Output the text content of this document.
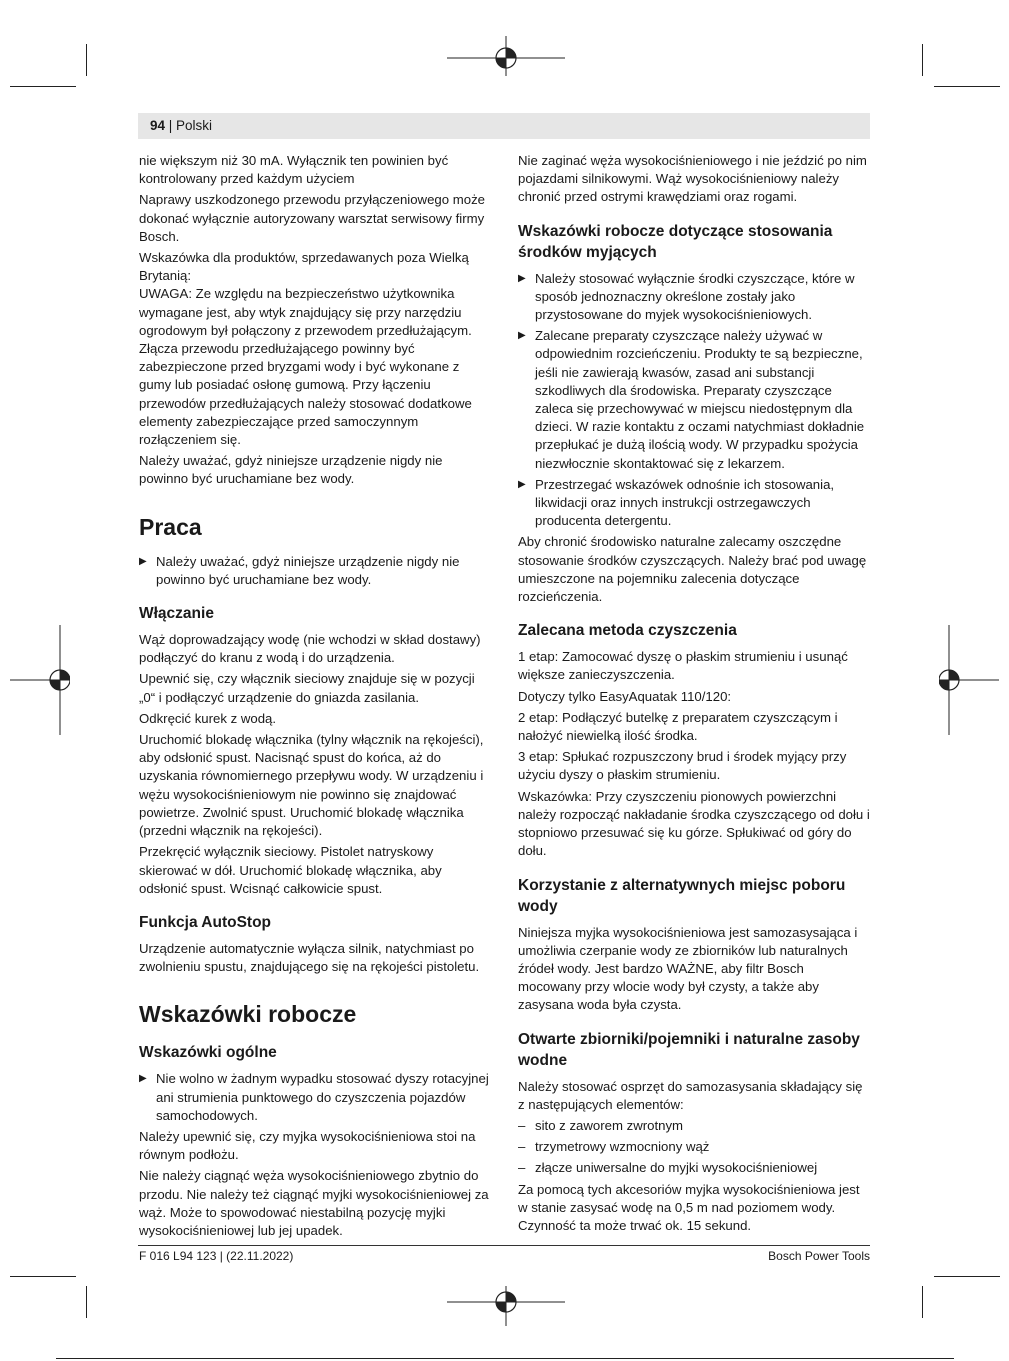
94 | Polski

nie większym niż 30 mA. Wyłącznik ten powinien być kontrolowany przed każdym użyciem

Naprawy uszkodzonego przewodu przyłączeniowego może dokonać wyłącznie autoryzowany warsztat serwisowy firmy Bosch.

Wskazówka dla produktów, sprzedawanych poza Wielką Brytanią:
UWAGA: Ze względu na bezpieczeństwo użytkownika wymagane jest, aby wtyk znajdujący się przy narzędziu ogrodowym był połączony z przewodem przedłużającym. Złącza przewodu przedłużającego powinny być zabezpieczone przed bryzgami wody i być wykonane z gumy lub posiadać osłonę gumową. Przy łączeniu przewodów przedłużających należy stosować dodatkowe elementy zabezpieczające przed samoczynnym rozłączeniem się.

Należy uważać, gdyż niniejsze urządzenie nigdy nie powinno być uruchamiane bez wody.

Praca
▶ Należy uważać, gdyż niniejsze urządzenie nigdy nie powinno być uruchamiane bez wody.
Włączanie

Wąż doprowadzający wodę (nie wchodzi w skład dostawy) podłączyć do kranu z wodą i do urządzenia.

Upewnić się, czy włącznik sieciowy znajduje się w pozycji „0“ i podłączyć urządzenie do gniazda zasilania.

Odkręcić kurek z wodą.

Uruchomić blokadę włącznika (tylny włącznik na rękojeści), aby odsłonić spust. Nacisnąć spust do końca, aż do uzyskania równomiernego przepływu wody. W urządzeniu i wężu wysokociśnieniowym nie powinno się znajdować powietrze. Zwolnić spust. Uruchomić blokadę włącznika (przedni włącznik na rękojeści).

Przekręcić wyłącznik sieciowy. Pistolet natryskowy skierować w dół. Uruchomić blokadę włącznika, aby odsłonić spust. Wcisnąć całkowicie spust.

Funkcja AutoStop

Urządzenie automatycznie wyłącza silnik, natychmiast po zwolnieniu spustu, znajdującego się na rękojeści pistoletu.

Wskazówki robocze
Wskazówki ogólne
▶ Nie wolno w żadnym wypadku stosować dyszy rotacyjnej ani strumienia punktowego do czyszczenia pojazdów samochodowych.

Należy upewnić się, czy myjka wysokociśnieniowa stoi na równym podłożu.

Nie należy ciągnąć węża wysokociśnieniowego zbytnio do przodu. Nie należy też ciągnąć myjki wysokociśnieniowej za wąż. Może to spowodować niestabilną pozycję myjki wysokociśnieniowej lub jej upadek.

Nie zaginać węża wysokociśnieniowego i nie jeździć po nim pojazdami silnikowymi. Wąż wysokociśnieniowy należy chronić przed ostrymi krawędziami oraz rogami.

Wskazówki robocze dotyczące stosowania środków myjących
▶ Należy stosować wyłącznie środki czyszczące, które w sposób jednoznaczny określone zostały jako przystosowane do myjek wysokociśnieniowych.
▶ Zalecane preparaty czyszczące należy używać w odpowiednim rozcieńczeniu. Produkty te są bezpieczne, jeśli nie zawierają kwasów, zasad ani substancji szkodliwych dla środowiska. Preparaty czyszczące zaleca się przechowywać w miejscu niedostępnym dla dzieci. W razie kontaktu z oczami natychmiast dokładnie przepłukać je dużą ilością wody. W przypadku spożycia niezwłocznie skontaktować się z lekarzem.
▶ Przestrzegać wskazówek odnośnie ich stosowania, likwidacji oraz innych instrukcji ostrzegawczych producenta detergentu.

Aby chronić środowisko naturalne zalecamy oszczędne stosowanie środków czyszczących. Należy brać pod uwagę umieszczone na pojemniku zalecenia dotyczące rozcieńczenia.

Zalecana metoda czyszczenia

1 etap: Zamocować dyszę o płaskim strumieniu i usunąć większe zanieczyszczenia.

Dotyczy tylko EasyAquatak 110/120:

2 etap: Podłączyć butelkę z preparatem czyszczącym i nałożyć niewielką ilość środka.

3 etap: Spłukać rozpuszczony brud i środek myjący przy użyciu dyszy o płaskim strumieniu.

Wskazówka: Przy czyszczeniu pionowych powierzchni należy rozpocząć nakładanie środka czyszczącego od dołu i stopniowo przesuwać się ku górze. Spłukiwać od góry do dołu.

Korzystanie z alternatywnych miejsc poboru wody

Niniejsza myjka wysokociśnieniowa jest samozasysająca i umożliwia czerpanie wody ze zbiorników lub naturalnych źródeł wody. Jest bardzo WAŻNE, aby filtr Bosch mocowany przy wlocie wody był czysty, a także aby zasysana woda była czysta.

Otwarte zbiorniki/pojemniki i naturalne zasoby wodne

Należy stosować osprzęt do samozasysania składający się z następujących elementów:

– sito z zaworem zwrotnym
– trzymetrowy wzmocniony wąż
– złącze uniwersalne do myjki wysokociśnieniowej

Za pomocą tych akcesoriów myjka wysokociśnieniowa jest w stanie zasysać wodę na 0,5 m nad poziomem wody. Czynność ta może trwać ok. 15 sekund.

F 016 L94 123 | (22.11.2022)	Bosch Power Tools
